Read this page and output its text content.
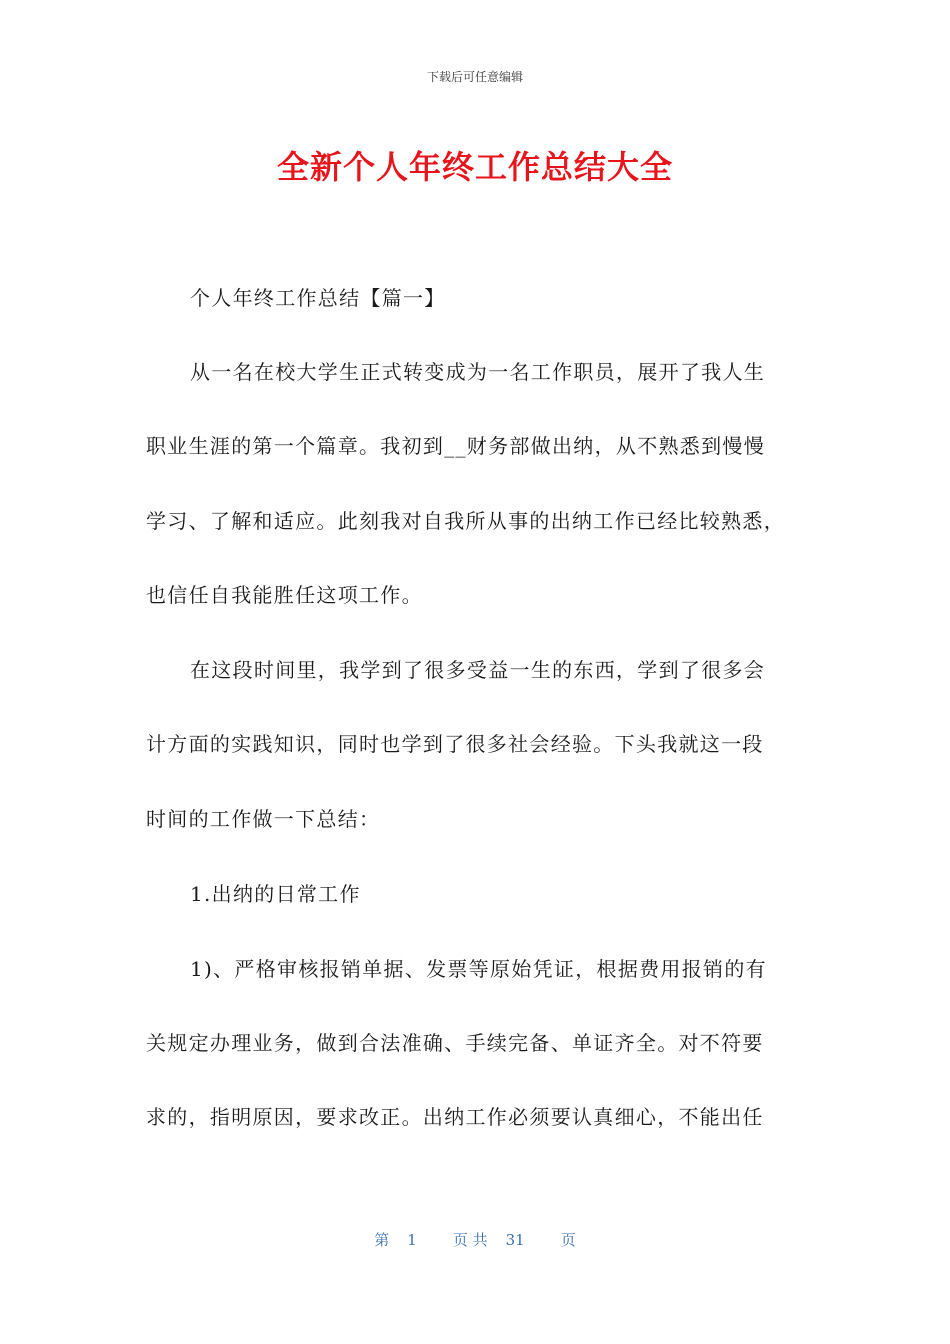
下载后可任意编辑
全新个人年终工作总结大全
个人年终工作总结【篇一】
从一名在校大学生正式转变成为一名工作职员，展开了我人生
职业生涯的第一个篇章。我初到__财务部做出纳，从不熟悉到慢慢
学习、了解和适应。此刻我对自我所从事的出纳工作已经比较熟悉，
也信任自我能胜任这项工作。
在这段时间里，我学到了很多受益一生的东西，学到了很多会
计方面的实践知识，同时也学到了很多社会经验。下头我就这一段
时间的工作做一下总结：
1.出纳的日常工作
1)、严格审核报销单据、发票等原始凭证，根据费用报销的有
关规定办理业务，做到合法准确、手续完备、单证齐全。对不符要
求的，指明原因，要求改正。出纳工作必须要认真细心，不能出任
第 1 页 共 31 页
